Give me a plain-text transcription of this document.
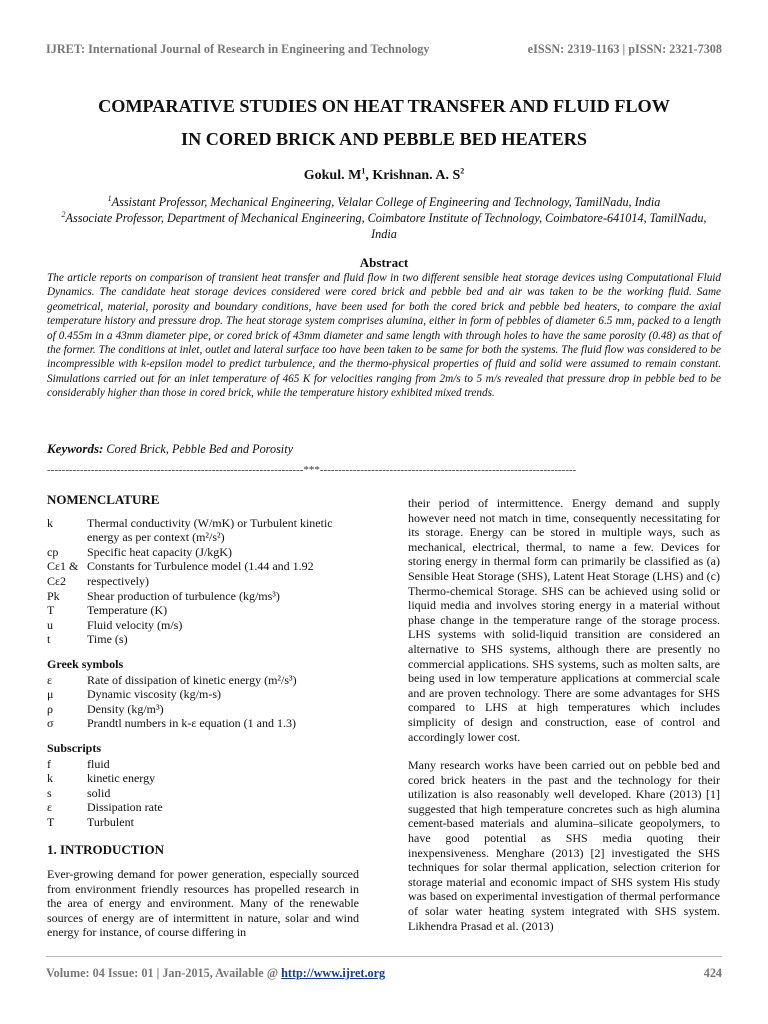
IJRET: International Journal of Research in Engineering and Technology	eISSN: 2319-1163 | pISSN: 2321-7308
COMPARATIVE STUDIES ON HEAT TRANSFER AND FLUID FLOW
IN CORED BRICK AND PEBBLE BED HEATERS
Gokul. $M^1$, Krishnan. A. $S^2$
$^1$Assistant Professor, Mechanical Engineering, Velalar College of Engineering and Technology, TamilNadu, India
$^2$Associate Professor, Department of Mechanical Engineering, Coimbatore Institute of Technology, Coimbatore-641014, TamilNadu, India
Abstract
The article reports on comparison of transient heat transfer and fluid flow in two different sensible heat storage devices using Computational Fluid Dynamics. The candidate heat storage devices considered were cored brick and pebble bed and air was taken to be the working fluid. Same geometrical, material, porosity and boundary conditions, have been used for both the cored brick and pebble bed heaters, to compare the axial temperature history and pressure drop. The heat storage system comprises alumina, either in form of pebbles of diameter 6.5 mm, packed to a length of 0.455m in a 43mm diameter pipe, or cored brick of 43mm diameter and same length with through holes to have the same porosity (0.48) as that of the former. The conditions at inlet, outlet and lateral surface too have been taken to be same for both the systems. The fluid flow was considered to be incompressible with k-epsilon model to predict turbulence, and the thermo-physical properties of fluid and solid were assumed to remain constant. Simulations carried out for an inlet temperature of 465 K for velocities ranging from 2m/s to 5 m/s revealed that pressure drop in pebble bed to be considerably higher than those in cored brick, while the temperature history exhibited mixed trends.
Keywords: Cored Brick, Pebble Bed and Porosity
----------------------------------------------------------------------***----------------------------------------------------------------------
NOMENCLATURE
k	Thermal conductivity (W/mK) or Turbulent kinetic energy as per context (m²/s²)
cp	Specific heat capacity (J/kgK)
Cε1 & Cε2	Constants for Turbulence model (1.44 and 1.92 respectively)
Pk	Shear production of turbulence (kg/ms³)
T	Temperature (K)
u	Fluid velocity (m/s)
t	Time (s)
Greek symbols
ε	Rate of dissipation of kinetic energy (m²/s³)
μ	Dynamic viscosity (kg/m-s)
ρ	Density (kg/m³)
σ	Prandtl numbers in k-ε equation (1 and 1.3)
Subscripts
f	fluid
k	kinetic energy
s	solid
ε	Dissipation rate
T	Turbulent
1. INTRODUCTION

Ever-growing demand for power generation, especially sourced from environment friendly resources has propelled research in the area of energy and environment. Many of the renewable sources of energy are of intermittent in nature, solar and wind energy for instance, of course differing in

their period of intermittence. Energy demand and supply however need not match in time, consequently necessitating for its storage. Energy can be stored in multiple ways, such as mechanical, electrical, thermal, to name a few. Devices for storing energy in thermal form can primarily be classified as (a) Sensible Heat Storage (SHS), Latent Heat Storage (LHS) and (c) Thermo-chemical Storage. SHS can be achieved using solid or liquid media and involves storing energy in a material without phase change in the temperature range of the storage process. LHS systems with solid-liquid transition are considered an alternative to SHS systems, although there are presently no commercial applications. SHS systems, such as molten salts, are being used in low temperature applications at commercial scale and are proven technology. There are some advantages for SHS compared to LHS at high temperatures which includes simplicity of design and construction, ease of control and accordingly lower cost.

Many research works have been carried out on pebble bed and cored brick heaters in the past and the technology for their utilization is also reasonably well developed. Khare (2013) [1] suggested that high temperature concretes such as high alumina cement-based materials and alumina–silicate geopolymers, to have good potential as SHS media quoting their inexpensiveness. Menghare (2013) [2] investigated the SHS techniques for solar thermal application, selection criterion for storage material and economic impact of SHS system His study was based on experimental investigation of thermal performance of solar water heating system integrated with SHS system. Likhendra Prasad et al. (2013)

Volume: 04 Issue: 01 | Jan-2015, Available @ http://www.ijret.org	424
